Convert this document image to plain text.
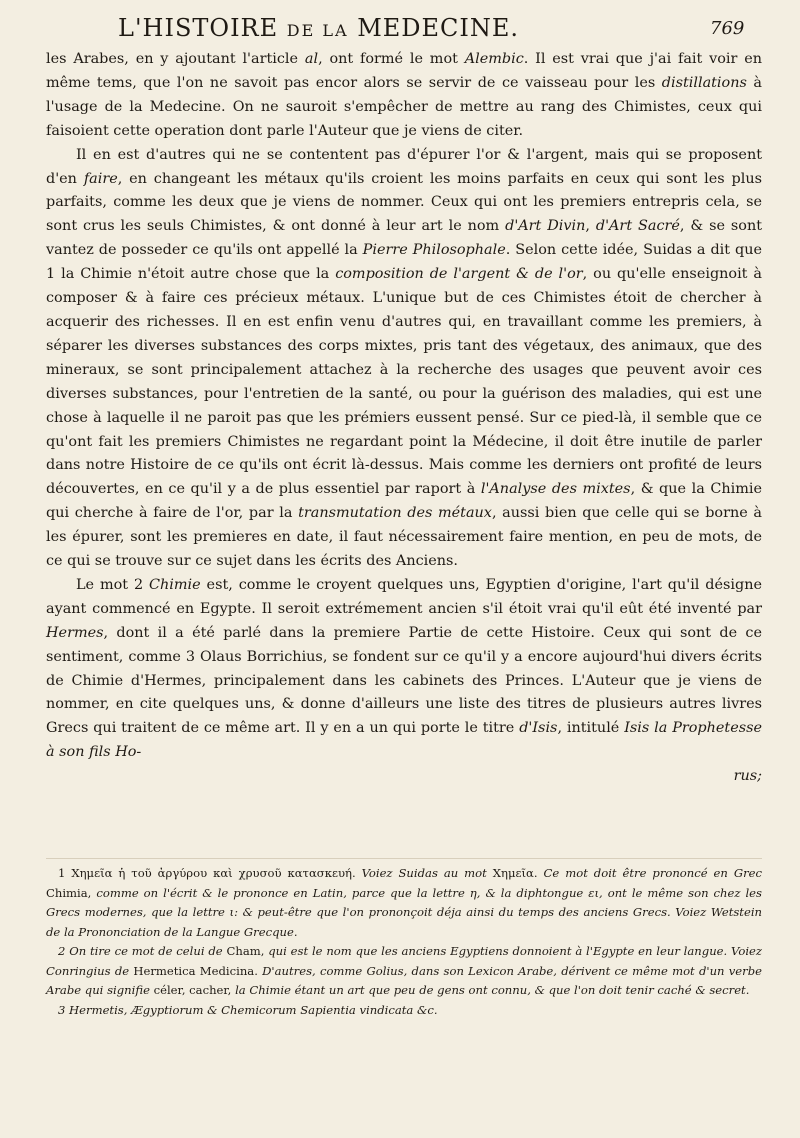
L'HISTOIRE DE LA MEDECINE.	769

les Arabes, en y ajoutant l'article al, ont formé le mot Alembic. Il est vrai que j'ai fait voir en même tems, que l'on ne savoit pas encor alors se servir de ce vaisseau pour les distillations à l'usage de la Medecine. On ne sauroit s'empêcher de mettre au rang des Chimistes, ceux qui faisoient cette operation dont parle l'Auteur que je viens de citer.

Il en est d'autres qui ne se contentent pas d'épurer l'or & l'argent, mais qui se proposent d'en faire, en changeant les métaux qu'ils croient les moins parfaits en ceux qui sont les plus parfaits, comme les deux que je viens de nommer. Ceux qui ont les premiers entrepris cela, se sont crus les seuls Chimistes, & ont donné à leur art le nom d'Art Divin, d'Art Sacré, & se sont vantez de posseder ce qu'ils ont appellé la Pierre Philosophale. Selon cette idée, Suidas a dit que 1 la Chimie n'étoit autre chose que la composition de l'argent & de l'or, ou qu'elle enseignoit à composer & à faire ces précieux métaux. L'unique but de ces Chimistes étoit de chercher à acquerir des richesses. Il en est enfin venu d'autres qui, en travaillant comme les premiers, à séparer les diverses substances des corps mixtes, pris tant des végetaux, des animaux, que des mineraux, se sont principalement attachez à la recherche des usages que peuvent avoir ces diverses substances, pour l'entretien de la santé, ou pour la guérison des maladies, qui est une chose à laquelle il ne paroit pas que les prémiers eussent pensé. Sur ce pied-là, il semble que ce qu'ont fait les premiers Chimistes ne regardant point la Médecine, il doit être inutile de parler dans notre Histoire de ce qu'ils ont écrit là-dessus. Mais comme les derniers ont profité de leurs découvertes, en ce qu'il y a de plus essentiel par raport à l'Analyse des mixtes, & que la Chimie qui cherche à faire de l'or, par la transmutation des métaux, aussi bien que celle qui se borne à les épurer, sont les premieres en date, il faut nécessairement faire mention, en peu de mots, de ce qui se trouve sur ce sujet dans les écrits des Anciens.

Le mot 2 Chimie est, comme le croyent quelques uns, Egyptien d'origine, l'art qu'il désigne ayant commencé en Egypte. Il seroit extrémement ancien s'il étoit vrai qu'il eût été inventé par Hermes, dont il a été parlé dans la premiere Partie de cette Histoire. Ceux qui sont de ce sentiment, comme 3 Olaus Borrichius, se fondent sur ce qu'il y a encore aujourd'hui divers écrits de Chimie d'Hermes, principalement dans les cabinets des Princes. L'Auteur que je viens de nommer, en cite quelques uns, & donne d'ailleurs une liste des titres de plusieurs autres livres Grecs qui traitent de ce même art. Il y en a un qui porte le titre d'Isis, intitulé Isis la Prophetesse à son fils Ho-
rus;

1 Χημεῖα ἡ τοῦ ἀργύρου καὶ χρυσοῦ κατασκευή. Voiez Suidas au mot Χημεῖα. Ce mot doit être prononcé en Grec Chimia, comme on l'écrit & le prononce en Latin, parce que la lettre η, & la diphtongue ει, ont le même son chez les Grecs modernes, que la lettre ι: & peut-être que l'on prononçoit déja ainsi du temps des anciens Grecs. Voiez Wetstein de la Prononciation de la Langue Grecque.

2 On tire ce mot de celui de Cham, qui est le nom que les anciens Egyptiens donnoient à l'Egypte en leur langue. Voiez Conringius de Hermetica Medicina. D'autres, comme Golius, dans son Lexicon Arabe, dérivent ce même mot d'un verbe Arabe qui signifie céler, cacher, la Chimie étant un art que peu de gens ont connu, & que l'on doit tenir caché & secret.

3 Hermetis, Ægyptiorum & Chemicorum Sapientia vindicata &c.
